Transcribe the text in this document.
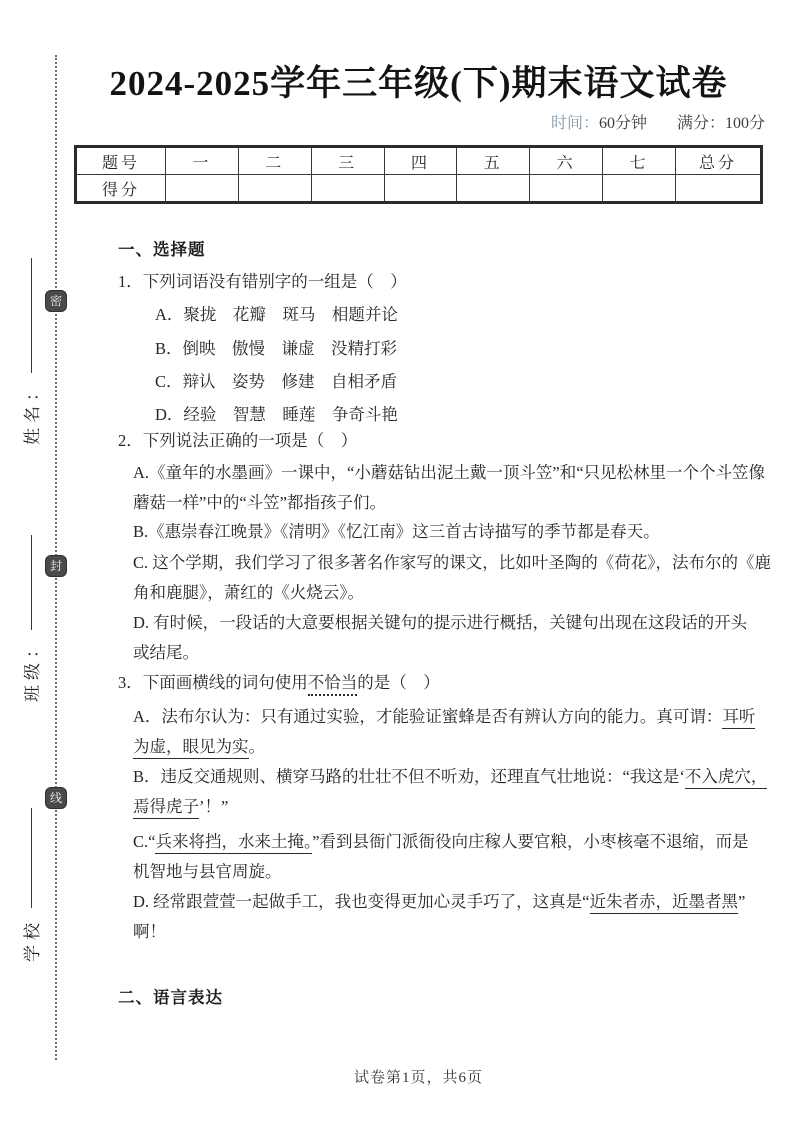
姓名：
班级：
学校
2024-2025学年三年级(下)期末语文试卷
时间：60分钟 满分：100分
题号	一	二	三	四	五	六	七	总分
得分								
一、选择题
1．下列词语没有错别字的一组是（　）
A．聚拢　花瓣　斑马　相题并论
B．倒映　傲慢　谦虚　没精打彩
C．辩认　姿势　修建　自相矛盾
D．经验　智慧　睡莲　争奇斗艳
2．下列说法正确的一项是（　）
A.《童年的水墨画》一课中，“小蘑菇钻出泥土戴一顶斗笠”和“只见松林里一个个斗笠像
蘑菇一样”中的“斗笠”都指孩子们。
B.《惠崇春江晚景》《清明》《忆江南》这三首古诗描写的季节都是春天。
C. 这个学期，我们学习了很多著名作家写的课文，比如叶圣陶的《荷花》，法布尔的《鹿
角和鹿腿》，萧红的《火烧云》。
D. 有时候，一段话的大意要根据关键句的提示进行概括，关键句出现在这段话的开头
或结尾。
3．下面画横线的词句使用不恰当的是（　）
A．法布尔认为：只有通过实验，才能验证蜜蜂是否有辨认方向的能力。真可谓：耳听
为虚，眼见为实。
B．违反交通规则、横穿马路的壮壮不但不听劝，还理直气壮地说：“我这是‘不入虎穴，
焉得虎子’！”
C.“兵来将挡，水来土掩。”看到县衙门派衙役向庄稼人要官粮，小枣核毫不退缩，而是
机智地与县官周旋。
D. 经常跟萱萱一起做手工，我也变得更加心灵手巧了，这真是“近朱者赤，近墨者黑”
啊！
二、语言表达
试卷第1页，共6页
密
封
线
